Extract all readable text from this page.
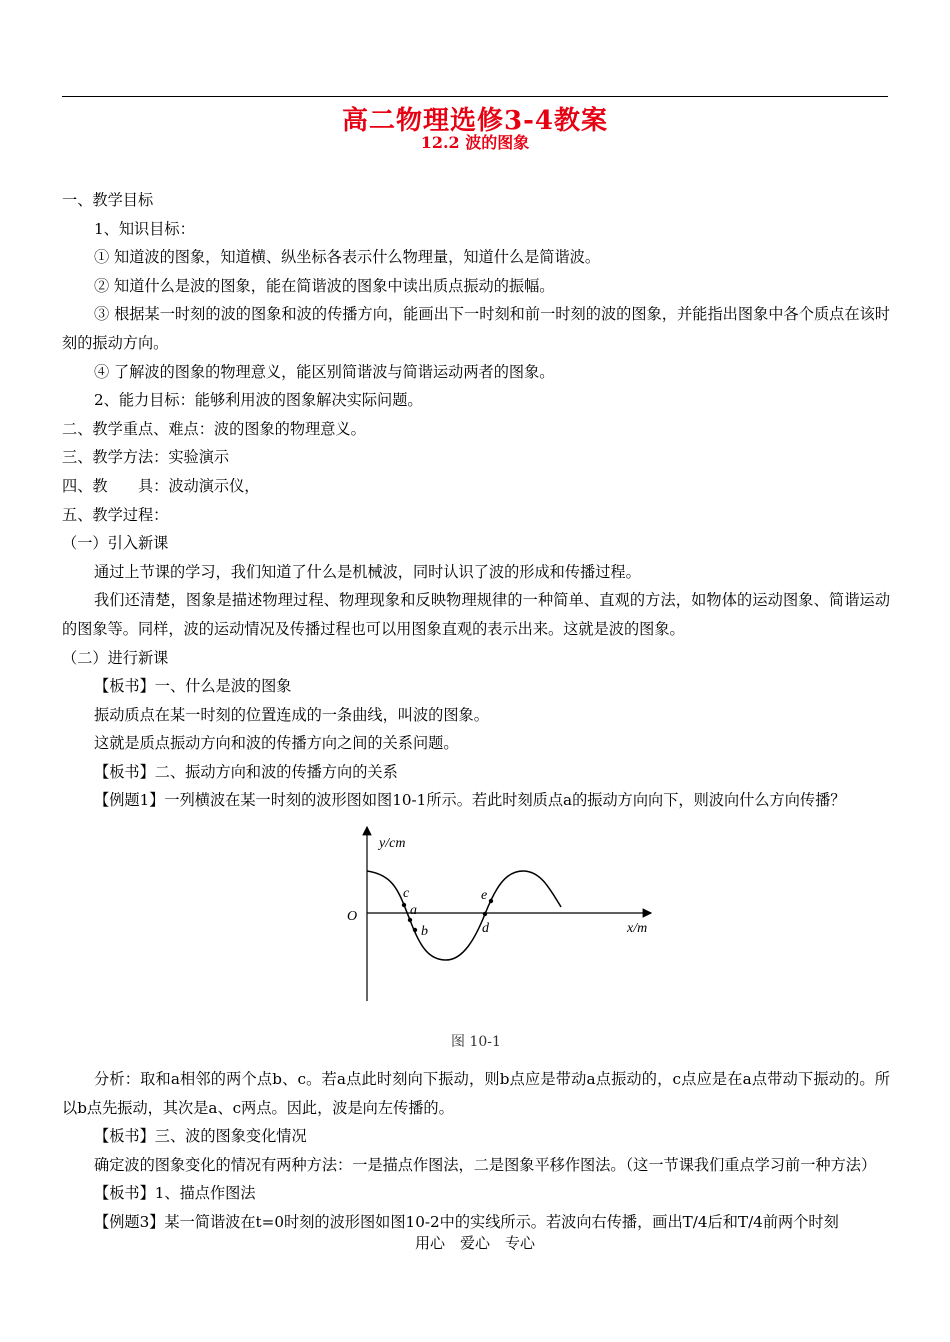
高二物理选修3-4教案
12.2 波的图象

一、教学目标

1、知识目标：

① 知道波的图象，知道横、纵坐标各表示什么物理量，知道什么是简谐波。

② 知道什么是波的图象，能在简谐波的图象中读出质点振动的振幅。

③ 根据某一时刻的波的图象和波的传播方向，能画出下一时刻和前一时刻的波的图象，并能指出图象中各个质点在该时刻的振动方向。

④ 了解波的图象的物理意义，能区别简谐波与简谐运动两者的图象。

2、能力目标：能够利用波的图象解决实际问题。

二、教学重点、难点：波的图象的物理意义。

三、教学方法：实验演示

四、教　　具：波动演示仪，

五、教学过程：

（一）引入新课

通过上节课的学习，我们知道了什么是机械波，同时认识了波的形成和传播过程。

我们还清楚，图象是描述物理过程、物理现象和反映物理规律的一种简单、直观的方法，如物体的运动图象、简谐运动的图象等。同样，波的运动情况及传播过程也可以用图象直观的表示出来。这就是波的图象。

（二）进行新课

【板书】一、什么是波的图象

振动质点在某一时刻的位置连成的一条曲线，叫波的图象。

这就是质点振动方向和波的传播方向之间的关系问题。

【板书】二、振动方向和波的传播方向的关系

【例题1】一列横波在某一时刻的波形图如图10-1所示。若此时刻质点a的振动方向向下，则波向什么方向传播？

y/cm
x/m
O
c
a
b
e
d
图 10-1

分析：取和a相邻的两个点b、c。若a点此时刻向下振动，则b点应是带动a点振动的，c点应是在a点带动下振动的。所以b点先振动，其次是a、c两点。因此，波是向左传播的。

【板书】三、波的图象变化情况

确定波的图象变化的情况有两种方法：一是描点作图法，二是图象平移作图法。（这一节课我们重点学习前一种方法）

【板书】1、描点作图法

【例题3】某一简谐波在t=0时刻的波形图如图10-2中的实线所示。若波向右传播，画出T/4后和T/4前两个时刻

用心　爱心　专心
